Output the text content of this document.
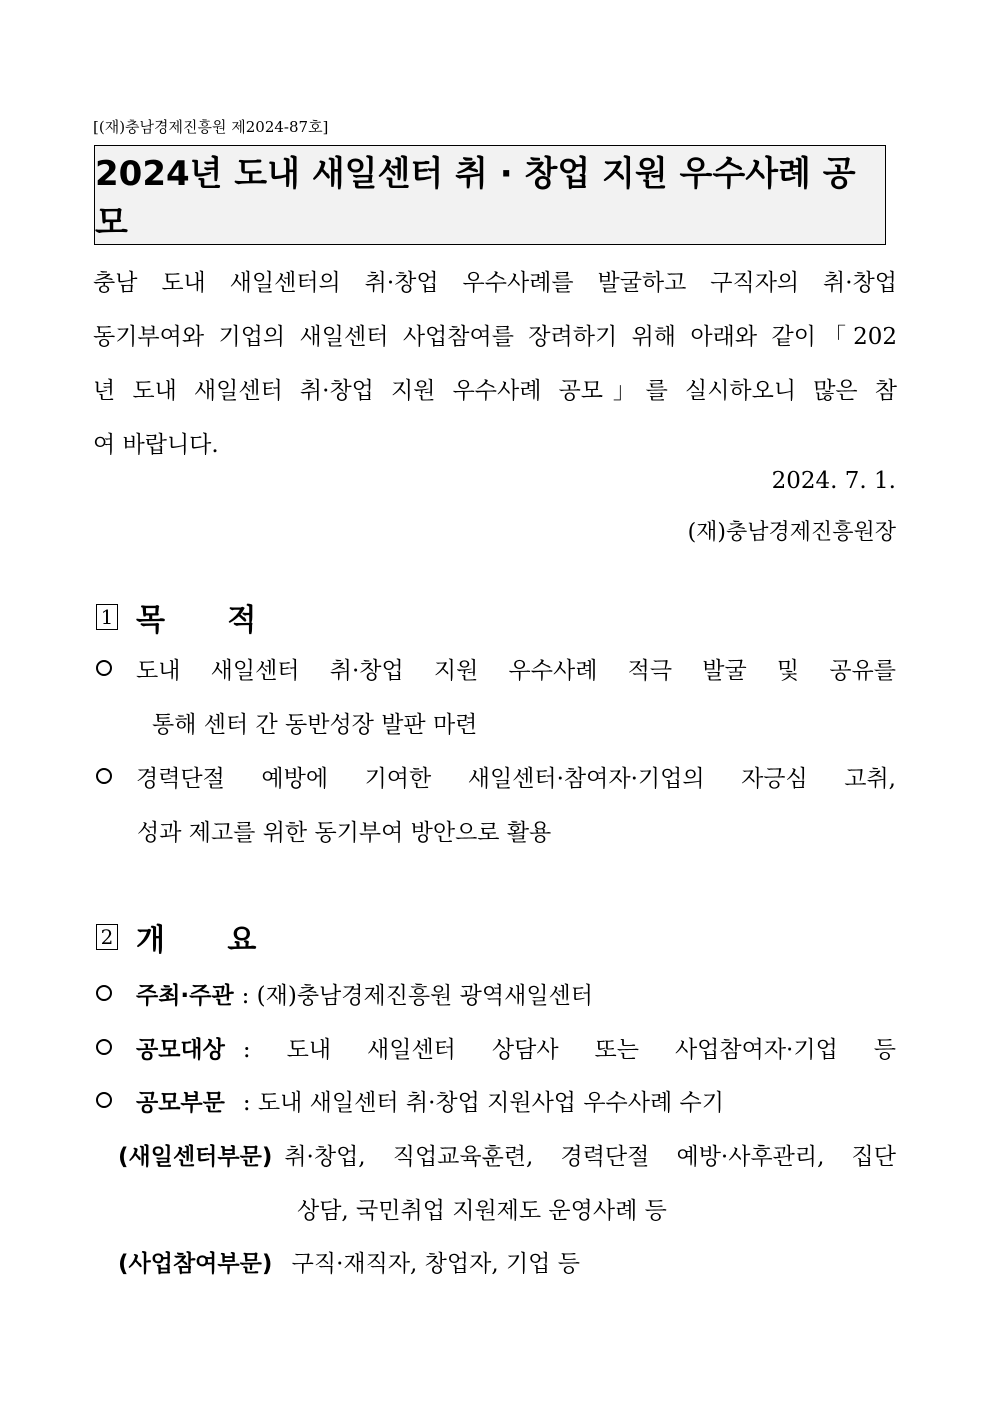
[(재)충남경제진흥원 제2024-87호]
2024년 도내 새일센터 취 · 창업 지원 우수사례 공모
충남 도내 새일센터의 취·창업 우수사례를 발굴하고 구직자의 취·창업
동기부여와 기업의 새일센터 사업참여를 장려하기 위해 아래와 같이「202
년 도내 새일센터 취·창업 지원 우수사례 공모」를 실시하오니 많은 참
여 바랍니다.
2024. 7. 1.
(재)충남경제진흥원장
1 목 적
도내 새일센터 취·창업 지원 우수사례 적극 발굴 및 공유를
통해 센터 간 동반성장 발판 마련
경력단절 예방에 기여한 새일센터·참여자·기업의 자긍심 고취,
성과 제고를 위한 동기부여 방안으로 활용
2 개 요
주최·주관 : (재)충남경제진흥원 광역새일센터
공모대상 : 도내 새일센터 상담사 또는 사업참여자·기업 등
공모부문 : 도내 새일센터 취·창업 지원사업 우수사례 수기
(새일센터부문) 취·창업, 직업교육훈련, 경력단절 예방·사후관리, 집단
상담, 국민취업 지원제도 운영사례 등
(사업참여부문) 구직·재직자, 창업자, 기업 등
